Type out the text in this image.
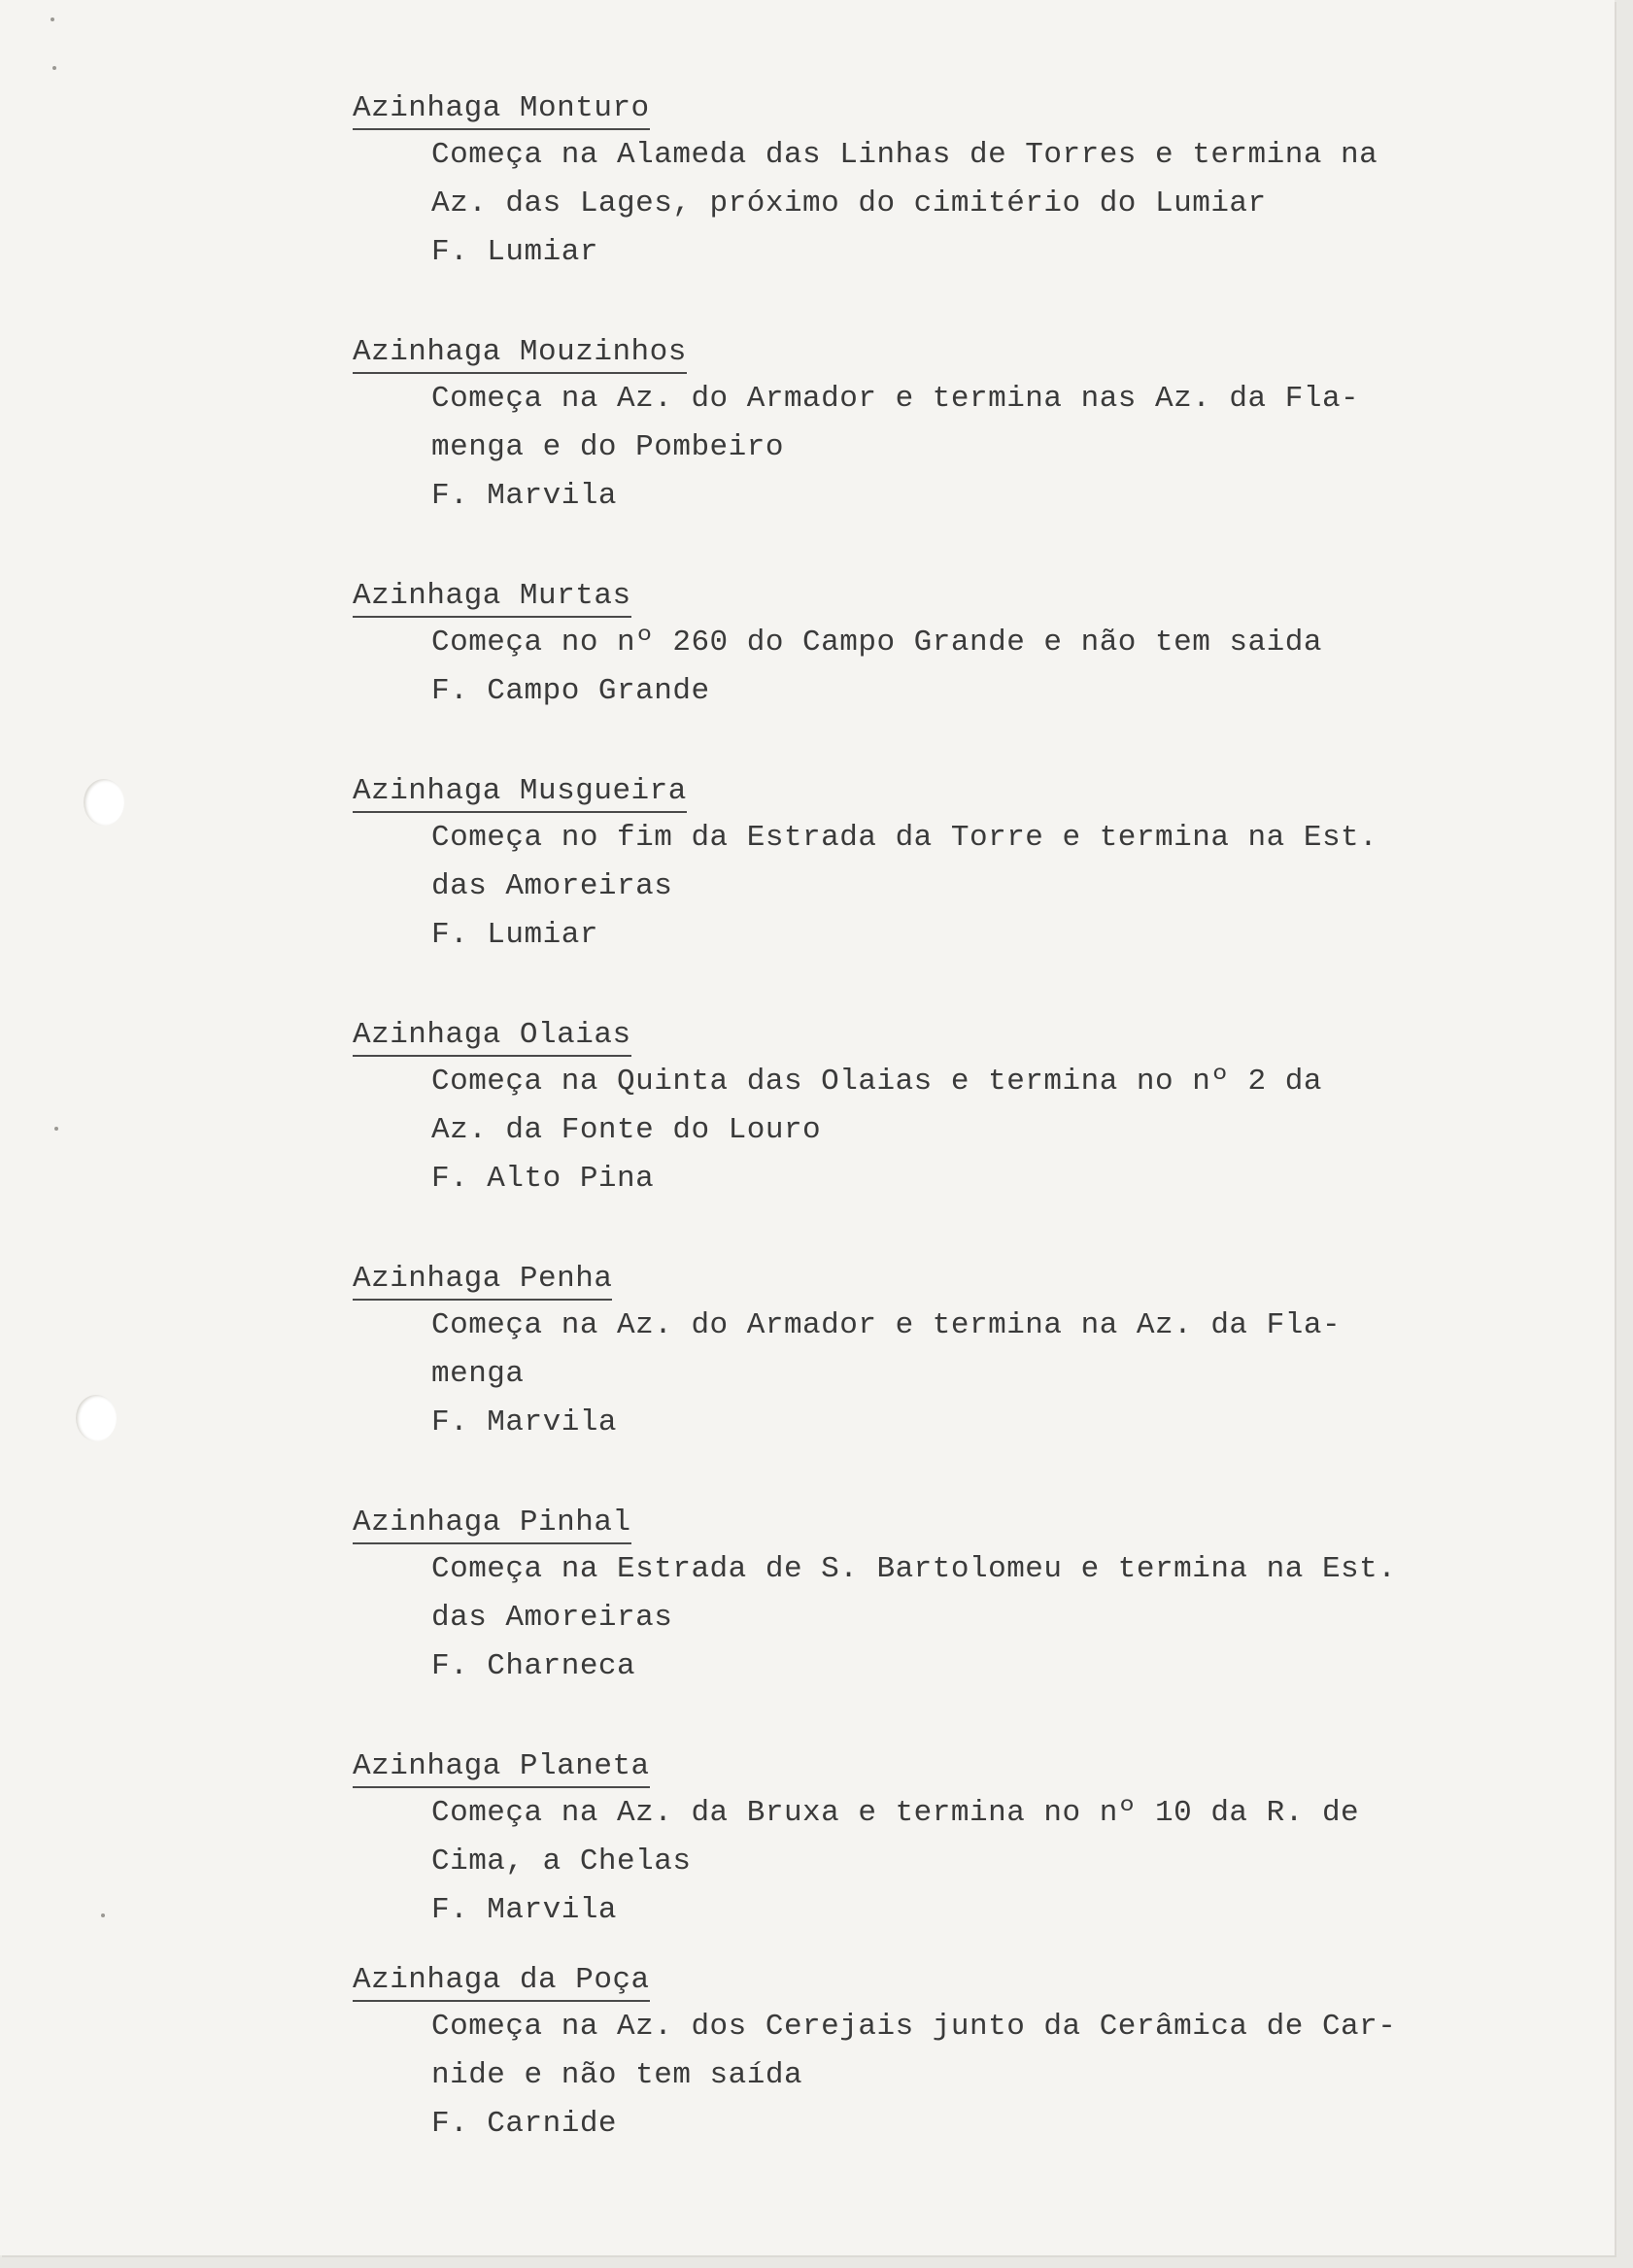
Azinhaga Monturo
Começa na Alameda das Linhas de Torres e termina na
Az. das Lages, próximo do cimitério do Lumiar
F. Lumiar
Azinhaga Mouzinhos
Começa na Az. do Armador e termina nas Az. da Fla-
menga e do Pombeiro
F. Marvila
Azinhaga Murtas
Começa no nº 260 do Campo Grande e não tem saida
F. Campo Grande
Azinhaga Musgueira
Começa no fim da Estrada da Torre e termina na Est.
das Amoreiras
F. Lumiar
Azinhaga Olaias
Começa na Quinta das Olaias e termina no nº 2 da
Az. da Fonte do Louro
F. Alto Pina
Azinhaga Penha
Começa na Az. do Armador e termina na Az. da Fla-
menga
F. Marvila
Azinhaga Pinhal
Começa na Estrada de S. Bartolomeu e termina na Est.
das Amoreiras
F. Charneca
Azinhaga Planeta
Começa na Az. da Bruxa e termina no nº 10 da R. de
Cima, a Chelas
F. Marvila
Azinhaga da Poça
Começa na Az. dos Cerejais junto da Cerâmica de Car-
nide e não tem saída
F. Carnide
